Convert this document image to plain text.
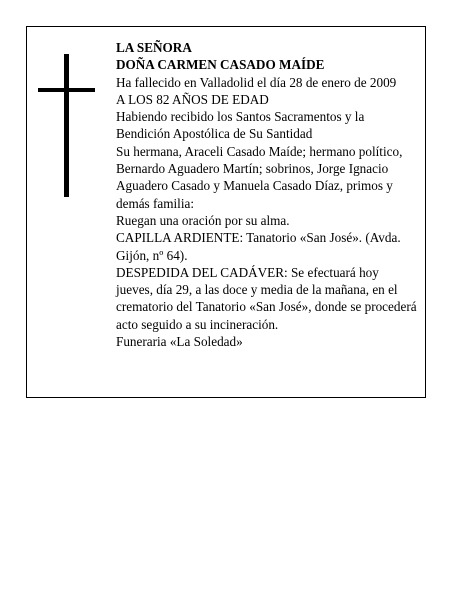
LA SEÑORA

DOÑA CARMEN CASADO MAÍDE

Ha fallecido en Valladolid el día 28 de enero de 2009

A LOS 82 AÑOS DE EDAD

Habiendo recibido los Santos Sacramentos y la

Bendición Apostólica de Su Santidad

Su hermana, Araceli Casado Maíde; hermano político,

Bernardo Aguadero Martín; sobrinos, Jorge Ignacio

Aguadero Casado y Manuela Casado Díaz, primos y

demás familia:

Ruegan una oración por su alma.

CAPILLA ARDIENTE: Tanatorio «San José». (Avda.

Gijón, nº 64).

DESPEDIDA DEL CADÁVER: Se efectuará hoy

jueves, día 29, a las doce y media de la mañana, en el

crematorio del Tanatorio «San José», donde se procederá

acto seguido a su incineración.

Funeraria «La Soledad»
